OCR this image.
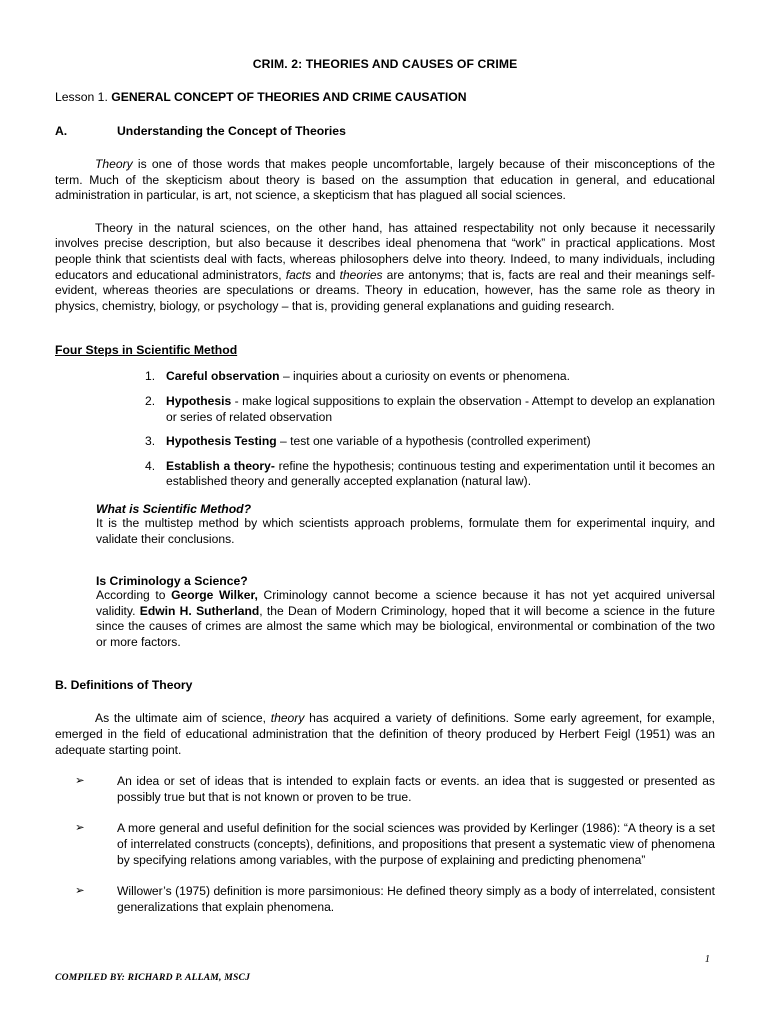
CRIM. 2: THEORIES AND CAUSES OF CRIME
Lesson 1. GENERAL CONCEPT OF THEORIES AND CRIME CAUSATION
A.	Understanding the Concept of Theories

Theory is one of those words that makes people uncomfortable, largely because of their misconceptions of the term. Much of the skepticism about theory is based on the assumption that education in general, and educational administration in particular, is art, not science, a skepticism that has plagued all social sciences.

Theory in the natural sciences, on the other hand, has attained respectability not only because it necessarily involves precise description, but also because it describes ideal phenomena that “work” in practical applications. Most people think that scientists deal with facts, whereas philosophers delve into theory. Indeed, to many individuals, including educators and educational administrators, facts and theories are antonyms; that is, facts are real and their meanings self-evident, whereas theories are speculations or dreams. Theory in education, however, has the same role as theory in physics, chemistry, biology, or psychology – that is, providing general explanations and guiding research.

Four Steps in Scientific Method
1. Careful observation – inquiries about a curiosity on events or phenomena.
2. Hypothesis - make logical suppositions to explain the observation - Attempt to develop an explanation or series of related observation
3. Hypothesis Testing – test one variable of a hypothesis (controlled experiment)
4. Establish a theory- refine the hypothesis; continuous testing and experimentation until it becomes an established theory and generally accepted explanation (natural law).
What is Scientific Method?

It is the multistep method by which scientists approach problems, formulate them for experimental inquiry, and validate their conclusions.

Is Criminology a Science?

According to George Wilker, Criminology cannot become a science because it has not yet acquired universal validity. Edwin H. Sutherland, the Dean of Modern Criminology, hoped that it will become a science in the future since the causes of crimes are almost the same which may be biological, environmental or combination of the two or more factors.

B. Definitions of Theory

As the ultimate aim of science, theory has acquired a variety of definitions. Some early agreement, for example, emerged in the field of educational administration that the definition of theory produced by Herbert Feigl (1951) was an adequate starting point.

➢	An idea or set of ideas that is intended to explain facts or events. an idea that is suggested or presented as possibly true but that is not known or proven to be true.
➢	A more general and useful definition for the social sciences was provided by Kerlinger (1986): “A theory is a set of interrelated constructs (concepts), definitions, and propositions that present a systematic view of phenomena by specifying relations among variables, with the purpose of explaining and predicting phenomena”
➢	Willower’s (1975) definition is more parsimonious: He defined theory simply as a body of interrelated, consistent generalizations that explain phenomena.
1
COMPILED BY: RICHARD P. ALLAM, MSCJ
